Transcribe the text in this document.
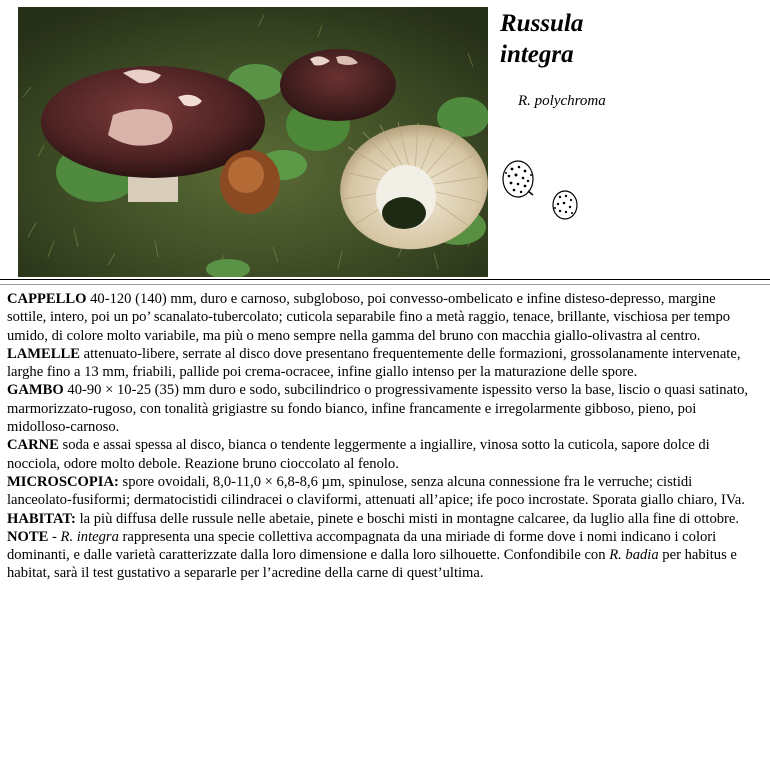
Russula
integra
R. polychroma

CAPPELLO 40-120 (140) mm, duro e carnoso, subgloboso, poi convesso-ombelicato e infine disteso-depresso, margine sottile, intero, poi un po’ scanalato-tubercolato; cuticola separabile fino a metà raggio, tenace, brillante, vischiosa per tempo umido, di colore molto variabile, ma più o meno sempre nella gamma del bruno con macchia giallo-olivastra al centro.

LAMELLE attenuato-libere, serrate al disco dove presentano frequentemente delle formazioni, grossolanamente intervenate, larghe fino a 13 mm, friabili, pallide poi crema-ocracee, infine giallo intenso per la maturazione delle spore.

GAMBO 40-90 × 10-25 (35) mm duro e sodo, subcilindrico o progressivamente ispessito verso la base, liscio o quasi satinato, marmorizzato-rugoso, con tonalità grigiastre su fondo bianco, infine francamente e irregolarmente gibboso, pieno, poi midolloso-carnoso.

CARNE soda e assai spessa al disco, bianca o tendente leggermente a ingiallire, vinosa sotto la cuticola, sapore dolce di nocciola, odore molto debole. Reazione bruno cioccolato al fenolo.

MICROSCOPIA: spore ovoidali, 8,0-11,0 × 6,8-8,6 µm, spinulose, senza alcuna connessione fra le verruche; cistidi lanceolato-fusiformi; dermatocistidi cilindracei o claviformi, attenuati all’apice; ife poco incrostate. Sporata giallo chiaro, IVa.

HABITAT: la più diffusa delle russule nelle abetaie, pinete e boschi misti in montagne calcaree, da luglio alla fine di ottobre.

NOTE - R. integra rappresenta una specie collettiva accompagnata da una miriade di forme dove i nomi indicano i colori dominanti, e dalle varietà caratterizzate dalla loro dimensione e dalla loro silhouette. Confondibile con R. badia per habitus e habitat, sarà il test gustativo a separarle per l’acredine della carne di quest’ultima.
